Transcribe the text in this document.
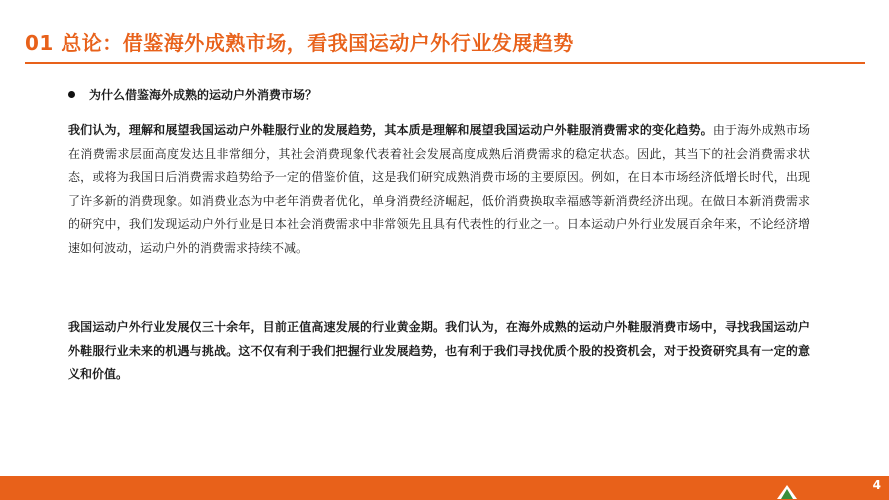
01 总论：借鉴海外成熟市场，看我国运动户外行业发展趋势
为什么借鉴海外成熟的运动户外消费市场？

我们认为，理解和展望我国运动户外鞋服行业的发展趋势，其本质是理解和展望我国运动户外鞋服消费需求的变化趋势。由于海外成熟市场在消费需求层面高度发达且非常细分，其社会消费现象代表着社会发展高度成熟后消费需求的稳定状态。因此，其当下的社会消费需求状态，或将为我国日后消费需求趋势给予一定的借鉴价值，这是我们研究成熟消费市场的主要原因。例如，在日本市场经济低增长时代，出现了许多新的消费现象。如消费业态为中老年消费者优化，单身消费经济崛起，低价消费换取幸福感等新消费经济出现。在做日本新消费需求的研究中，我们发现运动户外行业是日本社会消费需求中非常领先且具有代表性的行业之一。日本运动户外行业发展百余年来，不论经济增速如何波动，运动户外的消费需求持续不减。

我国运动户外行业发展仅三十余年，目前正值高速发展的行业黄金期。我们认为，在海外成熟的运动户外鞋服消费市场中，寻找我国运动户外鞋服行业未来的机遇与挑战。这不仅有利于我们把握行业发展趋势，也有利于我们寻找优质个股的投资机会，对于投资研究具有一定的意义和价值。

4
